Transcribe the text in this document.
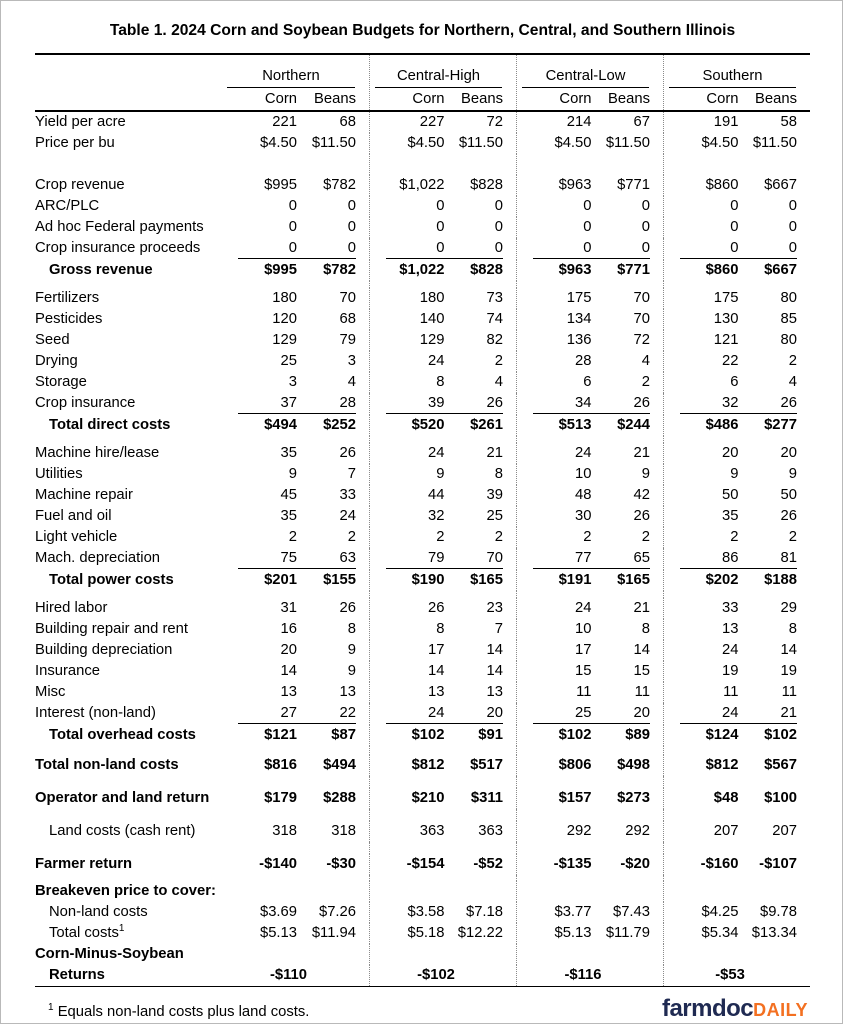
Table 1. 2024 Corn and Soybean Budgets for Northern, Central, and Southern Illinois
Northern
Corn	Beans
Central-High
Corn	Beans
Central-Low
Corn	Beans
Southern
Corn	Beans
Yield per acre	221	68	227	72	214	67	191	58
Price per bu	$4.50	$11.50	$4.50 $11.50	$4.50 $11.50	$4.50 $11.50
Crop revenue	$995	$782	$1,022	$828	$963	$771	$860	$667
ARC/PLC	0	0	0	0	0	0	0	0
Ad hoc Federal payments	0	0	0	0	0	0	0	0
Crop insurance proceeds	0	0	0	0	0	0	0	0
Gross revenue	$995	$782	$1,022	$828	$963	$771	$860	$667
Fertilizers	180	70	180	73	175	70	175	80
Pesticides	120	68	140	74	134	70	130	85
Seed	129	79	129	82	136	72	121	80
Drying	25	3	24	2	28	4	22	2
Storage	3	4	8	4	6	2	6	4
Crop insurance	37	28	39	26	34	26	32	26
Total direct costs	$494	$252	$520	$261	$513	$244	$486	$277
Machine hire/lease	35	26	24	21	24	21	20	20
Utilities	9	7	9	8	10	9	9	9
Machine repair	45	33	44	39	48	42	50	50
Fuel and oil	35	24	32	25	30	26	35	26
Light vehicle	2	2	2	2	2	2	2	2
Mach. depreciation	75	63	79	70	77	65	86	81
Total power costs	$201	$155	$190	$165	$191	$165	$202	$188
Hired labor	31	26	26	23	24	21	33	29
Building repair and rent	16	8	8	7	10	8	13	8
Building depreciation	20	9	17	14	17	14	24	14
Insurance	14	9	14	14	15	15	19	19
Misc	13	13	13	13	11	11	11	11
Interest (non-land)	27	22	24	20	25	20	24	21
Total overhead costs	$121	$87	$102	$91	$102	$89	$124	$102
Total non-land costs	$816	$494	$812	$517	$806	$498	$812	$567
Operator and land return	$179	$288	$210	$311	$157	$273	$48	$100
Land costs (cash rent)	318	318	363	363	292	292	207	207
Farmer return	-$140	-$30	-$154	-$52	-$135	-$20	-$160	-$107
Breakeven price to cover:
Non-land costs	$3.69	$7.26	$3.58	$7.18	$3.77	$7.43	$4.25	$9.78
Total costs$^1$	$5.13	$11.94	$5.18 $12.22	$5.13 $11.79	$5.34 $13.34
Corn-Minus-Soybean
Returns	-$110	-$102	-$116	-$53
$^1$ Equals non-land costs plus land costs.	farmdocDAILY
